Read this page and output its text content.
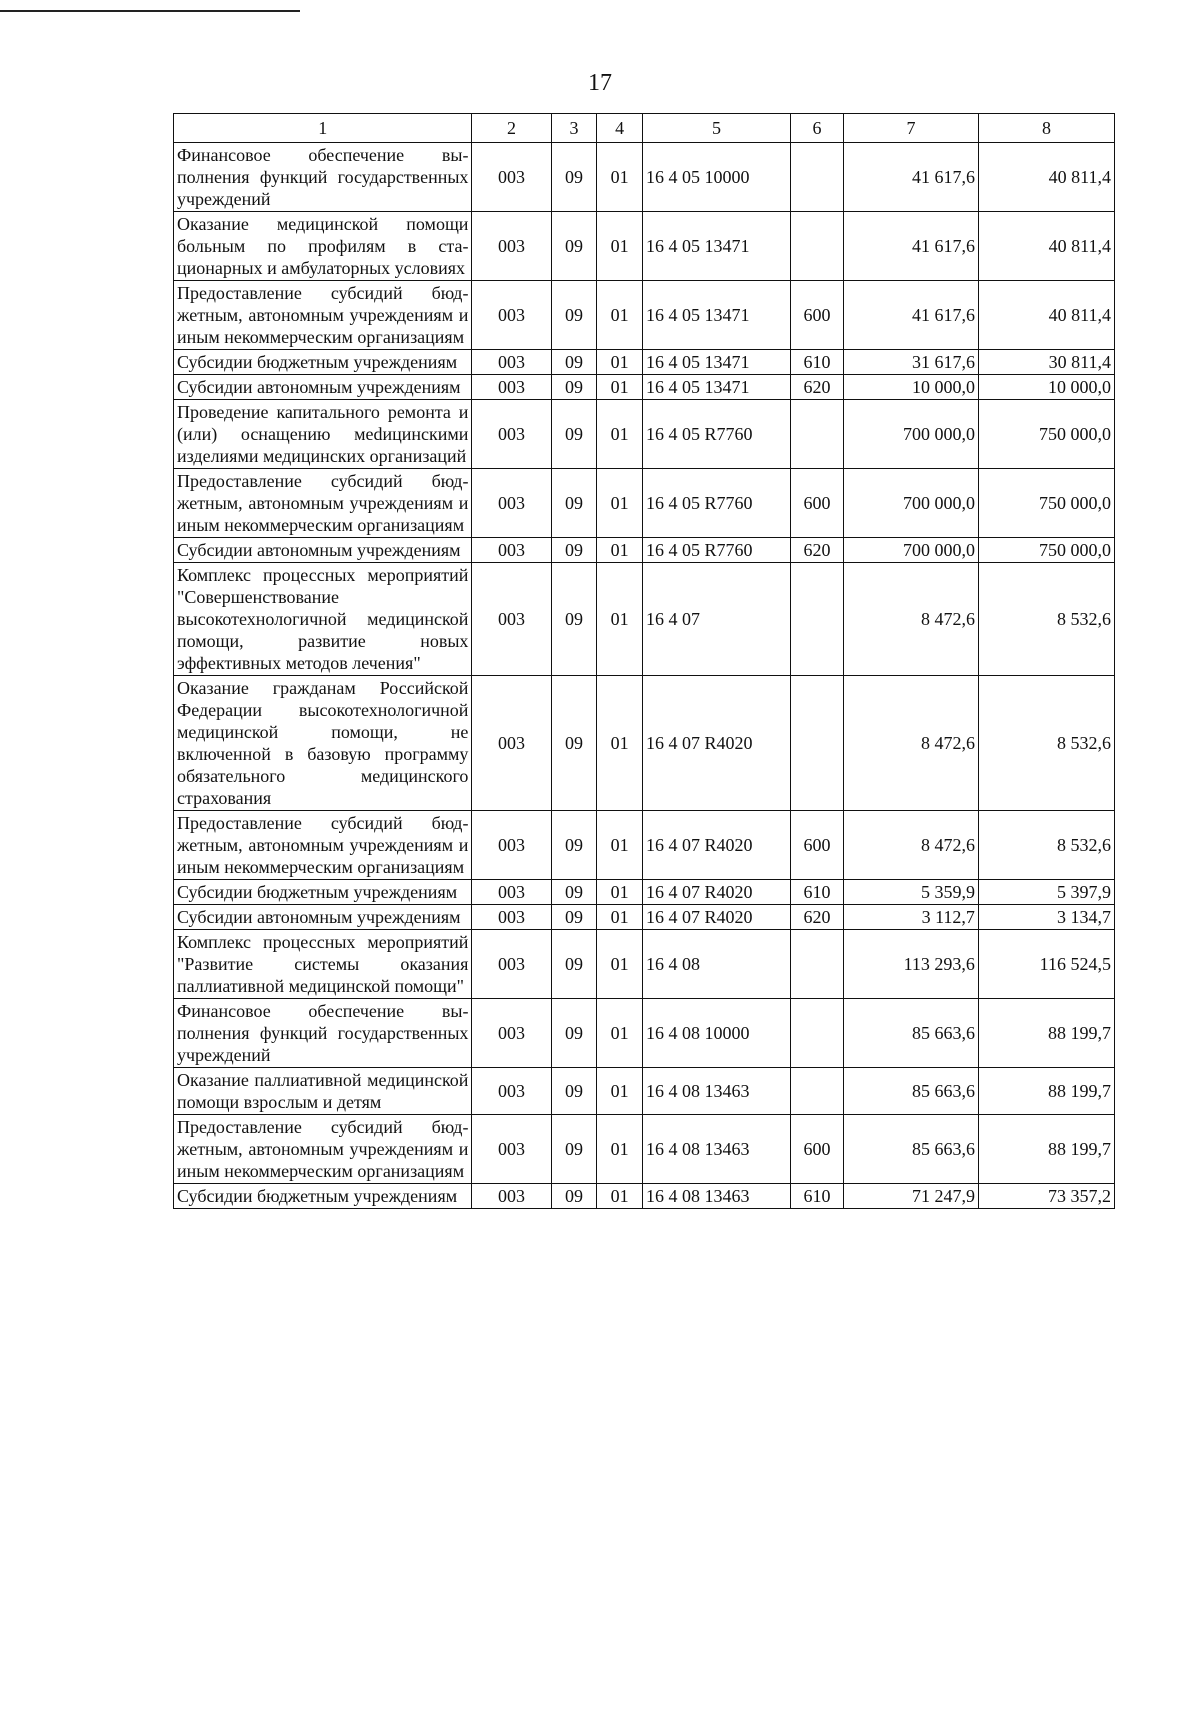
17
1	2	3	4	5	6	7	8
Финансовое обеспечение выполнения функций государственных учреждений	003	09	01	16 4 05 10000		41 617,6	40 811,4
Оказание медицинской помощи больным по профилям в стационарных и амбулаторных условиях	003	09	01	16 4 05 13471		41 617,6	40 811,4
Предоставление субсидий бюджетным, автономным учреждениям и иным некоммерческим организациям	003	09	01	16 4 05 13471	600	41 617,6	40 811,4
Субсидии бюджетным учреждениям	003	09	01	16 4 05 13471	610	31 617,6	30 811,4
Субсидии автономным учреждениям	003	09	01	16 4 05 13471	620	10 000,0	10 000,0
Проведение капитального ремонта и (или) оснащению меdицинскими изделиями медицинских организаций	003	09	01	16 4 05 R7760		700 000,0	750 000,0
Предоставление субсидий бюджетным, автономным учреждениям и иным некоммерческим организациям	003	09	01	16 4 05 R7760	600	700 000,0	750 000,0
Субсидии автономным учреждениям	003	09	01	16 4 05 R7760	620	700 000,0	750 000,0
Комплекс процессных мероприятий "Совершенствование высокотехнологичной медицинской помощи, развитие новых эффективных методов лечения"	003	09	01	16 4 07		8 472,6	8 532,6
Оказание гражданам Российской Федерации высокотехнологичной медицинской помощи, не включенной в базовую программу обязательного медицинского страхования	003	09	01	16 4 07 R4020		8 472,6	8 532,6
Предоставление субсидий бюджетным, автономным учреждениям и иным некоммерческим организациям	003	09	01	16 4 07 R4020	600	8 472,6	8 532,6
Субсидии бюджетным учреждениям	003	09	01	16 4 07 R4020	610	5 359,9	5 397,9
Субсидии автономным учреждениям	003	09	01	16 4 07 R4020	620	3 112,7	3 134,7
Комплекс процессных мероприятий "Развитие системы оказания паллиативной медицинской помощи"	003	09	01	16 4 08		113 293,6	116 524,5
Финансовое обеспечение выполнения функций государственных учреждений	003	09	01	16 4 08 10000		85 663,6	88 199,7
Оказание паллиативной медицинской помощи взрослым и детям	003	09	01	16 4 08 13463		85 663,6	88 199,7
Предоставление субсидий бюджетным, автономным учреждениям и иным некоммерческим организациям	003	09	01	16 4 08 13463	600	85 663,6	88 199,7
Субсидии бюджетным учреждениям	003	09	01	16 4 08 13463	610	71 247,9	73 357,2
